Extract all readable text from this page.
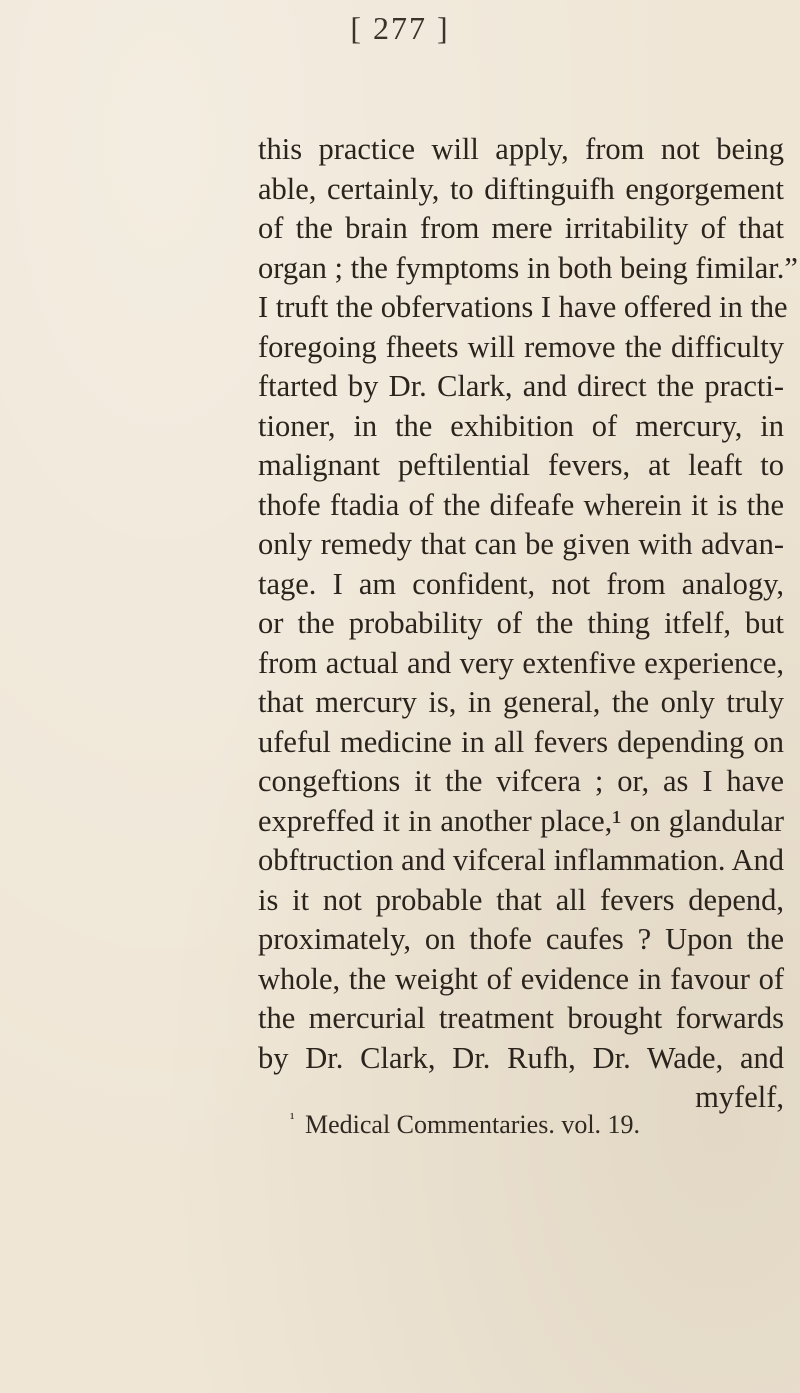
[ 277 ]
this practice will apply, from not being
able, certainly, to diftinguifh engorgement
of the brain from mere irritability of that
organ ; the fymptoms in both being fimilar.”
I truft the obfervations I have offered in the
foregoing fheets will remove the difficulty
ftarted by Dr. Clark, and direct the practi-
tioner, in the exhibition of mercury, in
malignant peftilential fevers, at leaft to
thofe ftadia of the difeafe wherein it is the
only remedy that can be given with advan-
tage. I am confident, not from analogy,
or the probability of the thing itfelf, but
from actual and very extenfive experience,
that mercury is, in general, the only truly
ufeful medicine in all fevers depending on
congeftions it the vifcera ; or, as I have
expreffed it in another place,¹ on glandular
obftruction and vifceral inflammation. And
is it not probable that all fevers depend,
proximately, on thofe caufes ? Upon the
whole, the weight of evidence in favour of
the mercurial treatment brought forwards
by Dr. Clark, Dr. Rufh, Dr. Wade, and
myfelf,
$^{^1}$ Medical Commentaries. vol. 19.
